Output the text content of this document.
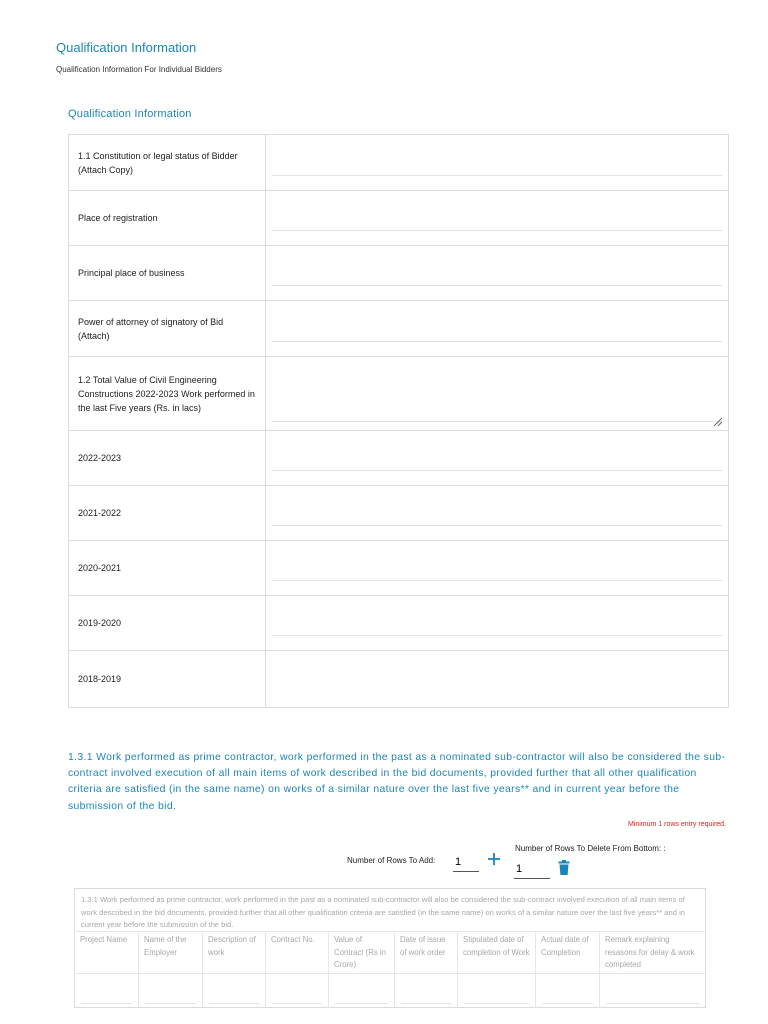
Qualification Information
Qualification Information For Individual Bidders
Qualification Information
1.1 Constitution or legal status of Bidder (Attach Copy)
Place of registration
Principal place of business
Power of attorney of signatory of Bid (Attach)
1.2 Total Value of Civil Engineering Constructions 2022-2023 Work performed in the last Five years (Rs. in lacs)
2022-2023
2021-2022
2020-2021
2019-2020
2018-2019
1.3.1 Work performed as prime contractor, work performed in the past as a nominated sub-contractor will also be considered the sub-contract involved execution of all main items of work described in the bid documents, provided further that all other qualification criteria are satisfied (in the same name) on works of a similar nature over the last five years** and in current year before the submission of the bid.
Minimum 1 rows entry required.
Number of Rows To Add:
1
Number of Rows To Delete From Bottom: :
1
1.3.1 Work performed as prime contractor, work performed in the past as a nominated sub-contractor will also be considered the sub-contract involved execution of all main items of work described in the bid documents, provided further that all other qualification criteria are satisfied (in the same name) on works of a similar nature over the last five years** and in current year before the submission of the bid.
Project Name	Name of the Employer
Description of work
Contract No.	Value of Contract (Rs in Crore)
Date of issue of work order
Stipulated date of completion of Work
Actual date of Completion
Remark explaining resasons for delay & work completed
